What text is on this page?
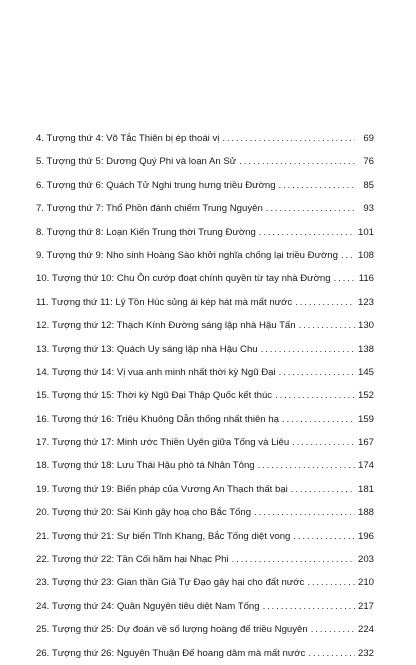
4. Tượng thứ 4: Võ Tắc Thiên bị ép thoái vị . . .	69
5. Tượng thứ 5: Dương Quý Phi và loạn An Sử . . .	76
6. Tượng thứ 6: Quách Tử Nghi trung hưng triều Đường . . .	85
7. Tượng thứ 7: Thổ Phồn đánh chiếm Trung Nguyên . . .	93
8. Tượng thứ 8: Loạn Kiến Trung thời Trung Đường . . .	101
9. Tượng thứ 9: Nho sinh Hoàng Sào khởi nghĩa chống lại triều Đường . . . 108
10. Tượng thứ 10: Chu Ôn cướp đoạt chính quyền từ tay nhà Đường . . .	116
11. Tượng thứ 11: Lý Tồn Húc sủng ái kép hát mà mất nước . . .	123
12. Tượng thứ 12: Thạch Kính Đường sáng lập nhà Hậu Tấn . . .	130
13. Tượng thứ 13: Quách Uy sáng lập nhà Hậu Chu . . .	138
14. Tượng thứ 14: Vị vua anh minh nhất thời kỳ Ngũ Đại . . .	145
15. Tượng thứ 15: Thời kỳ Ngũ Đại Thập Quốc kết thúc . . .	152
16. Tượng thứ 16: Triệu Khuông Dẫn thống nhất thiên hạ . . .	159
17. Tượng thứ 17: Minh ước Thiền Uyên giữa Tống và Liêu . . .	167
18. Tượng thứ 18: Lưu Thái Hậu phò tá Nhân Tông . . .	174
19. Tượng thứ 19: Biến pháp của Vương An Thạch thất bại . . .	181
20. Tượng thứ 20: Sái Kinh gây hoạ cho Bắc Tống . . .	188
21. Tượng thứ 21: Sự biến Tĩnh Khang, Bắc Tống diệt vong . . .	196
22. Tượng thứ 22: Tần Cối hãm hại Nhạc Phi . . .	203
23. Tượng thứ 23: Gian thần Giả Tự Đạo gây hại cho đất nước . . .	210
24. Tượng thứ 24: Quân Nguyên tiêu diệt Nam Tống . . .	217
25. Tượng thứ 25: Dự đoán về số lượng hoàng đế triều Nguyên . . .	224
26. Tượng thứ 26: Nguyên Thuận Đế hoang dâm mà mất nước . . .	232
